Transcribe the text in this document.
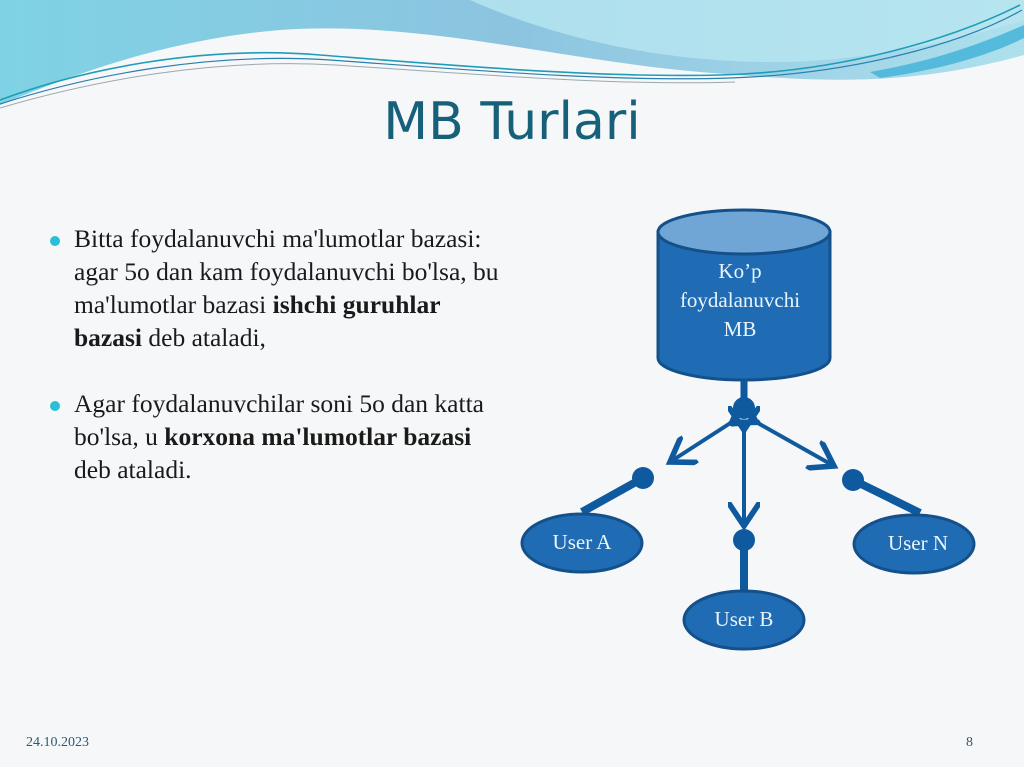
MB Turlari
Bitta foydalanuvchi ma'lumotlar bazasi: agar 5o dan kam foydalanuvchi bo'lsa, bu ma'lumotlar bazasi ishchi guruhlar bazasi deb ataladi,
Agar foydalanuvchilar soni 5o dan katta bo'lsa, u korxona ma'lumotlar bazasi deb ataladi.
Ko’p
foydalanuvchi
MB
User A
User B
User N
24.10.2023	8
